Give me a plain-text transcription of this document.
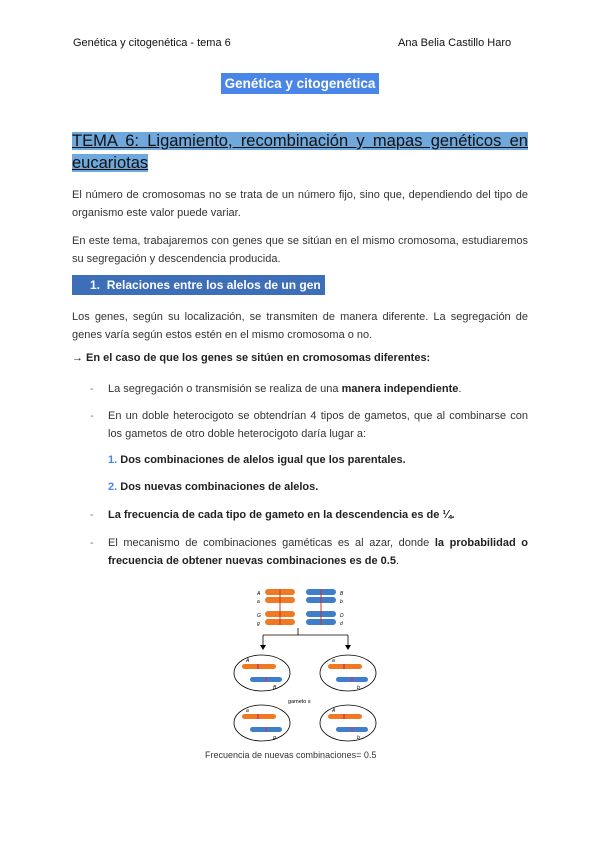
Genética y citogenética - tema 6	Ana Belia Castillo Haro
Genética y citogenética
TEMA 6: Ligamiento, recombinación y mapas genéticos en eucariotas
El número de cromosomas no se trata de un número fijo, sino que, dependiendo del tipo de organismo este valor puede variar.
En este tema, trabajaremos con genes que se sitúan en el mismo cromosoma, estudiaremos su segregación y descendencia producida.
1. Relaciones entre los alelos de un gen
Los genes, según su localización, se transmiten de manera diferente. La segregación de genes varía según estos estén en el mismo cromosoma o no.
→ En el caso de que los genes se sitúen en cromosomas diferentes:
- La segregación o transmisión se realiza de una manera independiente.
- En un doble heterocigoto se obtendrían 4 tipos de gametos, que al combinarse con los gametos de otro doble heterocigoto daría lugar a:
1. Dos combinaciones de alelos igual que los parentales.
2. Dos nuevas combinaciones de alelos.
- La frecuencia de cada tipo de gameto en la descendencia es de ¼.
- El mecanismo de combinaciones gaméticas es al azar, donde la probabilidad o frecuencia de obtener nuevas combinaciones es de 0.5.
A
a
G
g
B
b
D
d
A
B
a
b
a
g
A
b
gameto s
Frecuencia de nuevas combinaciones= 0.5
